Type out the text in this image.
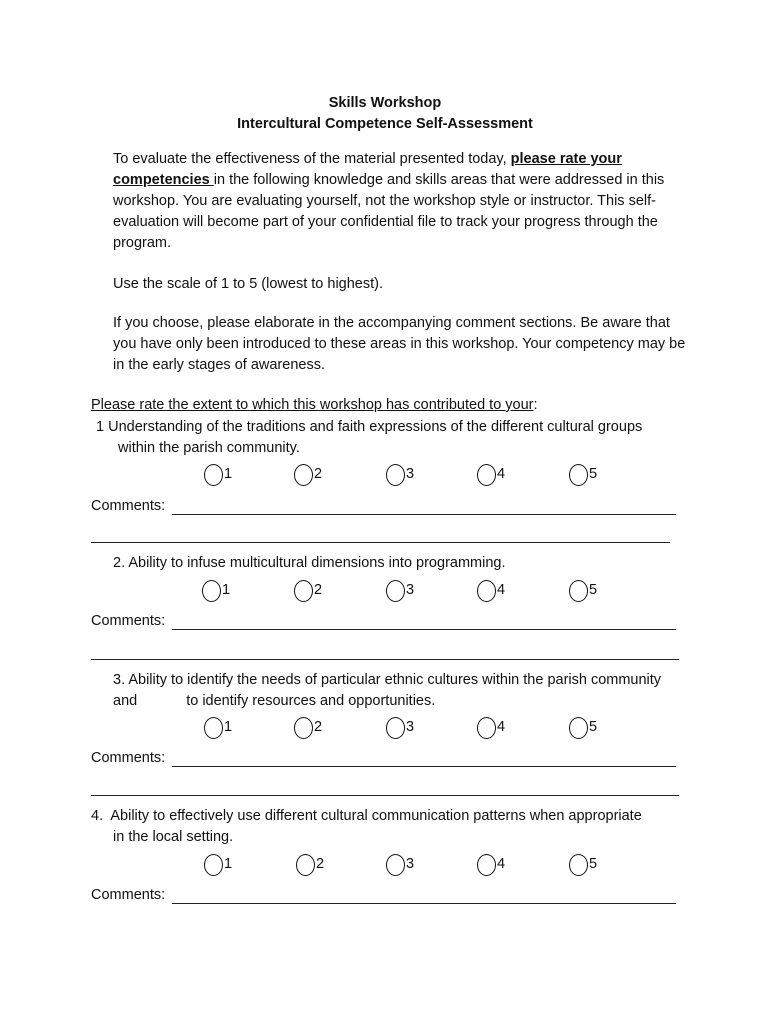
Skills Workshop
Intercultural Competence Self-Assessment
To evaluate the effectiveness of the material presented today, please rate your competencies in the following knowledge and skills areas that were addressed in this workshop. You are evaluating yourself, not the workshop style or instructor. This self-evaluation will become part of your confidential file to track your progress through the program.
Use the scale of 1 to 5 (lowest to highest).
If you choose, please elaborate in the accompanying comment sections. Be aware that you have only been introduced to these areas in this workshop. Your competency may be in the early stages of awareness.
Please rate the extent to which this workshop has contributed to your:
1 Understanding of the traditions and faith expressions of the different cultural groups
within the parish community.
1	2	3	4	5
Comments:
2. Ability to infuse multicultural dimensions into programming.
1	2	3	4	5
Comments:
3. Ability to identify the needs of particular ethnic cultures within the parish community
and	to identify resources and opportunities.
1	2	3	4	5
Comments:
4. Ability to effectively use different cultural communication patterns when appropriate
in the local setting.
1	2	3	4	5
Comments:
